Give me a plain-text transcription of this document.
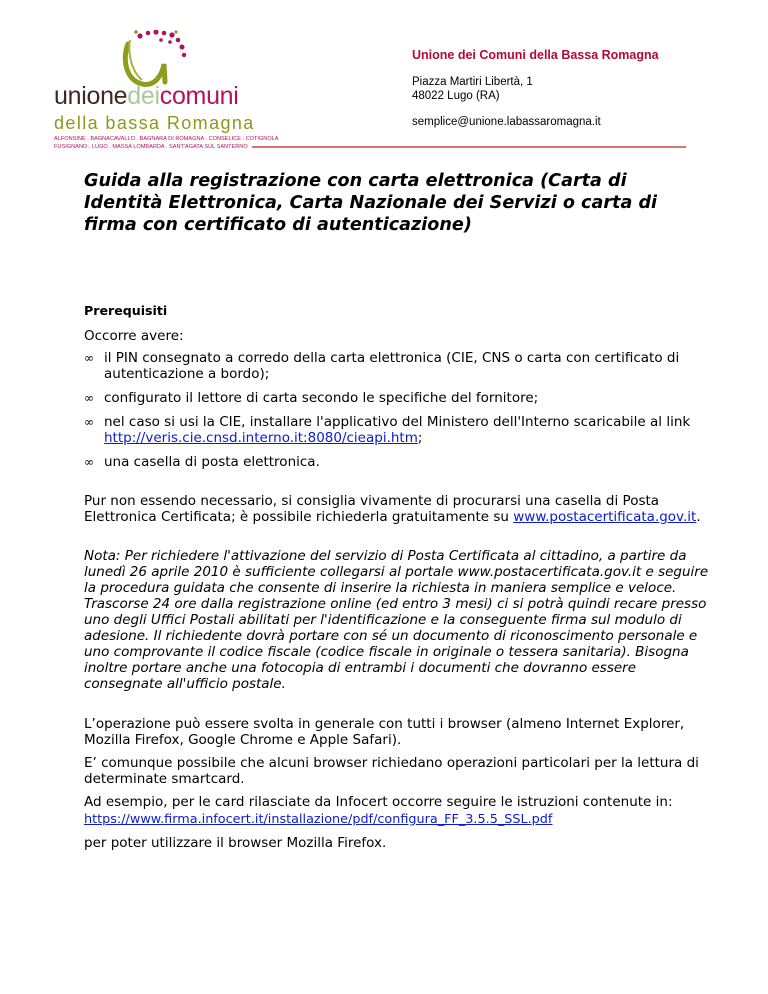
unionedeicomuni
della bassa Romagna
ALFONSINE . BAGNACAVALLO . BAGNARA DI ROMAGNA . CONSELICE . COTIGNOLA
FUSIGNANO . LUGO . MASSA LOMBARDA . SANT'AGATA SUL SANTERNO

Unione dei Comuni della Bassa Romagna

Piazza Martiri Libertà, 1
48022 Lugo (RA)

semplice@unione.labassaromagna.it

Guida alla registrazione con carta elettronica (Carta di Identità Elettronica, Carta Nazionale dei Servizi o carta di firma con certificato di autenticazione)

Prerequisiti

Occorre avere:

∞ il PIN consegnato a corredo della carta elettronica (CIE, CNS o carta con certificato di autenticazione a bordo);
∞ configurato il lettore di carta secondo le specifiche del fornitore;
∞ nel caso si usi la CIE, installare l'applicativo del Ministero dell'Interno scaricabile al link http://veris.cie.cnsd.interno.it:8080/cieapi.htm;
∞ una casella di posta elettronica.

Pur non essendo necessario, si consiglia vivamente di procurarsi una casella di Posta Elettronica Certificata; è possibile richiederla gratuitamente su www.postacertificata.gov.it.

Nota: Per richiedere l'attivazione del servizio di Posta Certificata al cittadino, a partire da lunedì 26 aprile 2010 è sufficiente collegarsi al portale www.postacertificata.gov.it e seguire la procedura guidata che consente di inserire la richiesta in maniera semplice e veloce. Trascorse 24 ore dalla registrazione online (ed entro 3 mesi) ci si potrà quindi recare presso uno degli Uffici Postali abilitati per l'identificazione e la conseguente firma sul modulo di adesione. Il richiedente dovrà portare con sé un documento di riconoscimento personale e uno comprovante il codice fiscale (codice fiscale in originale o tessera sanitaria). Bisogna inoltre portare anche una fotocopia di entrambi i documenti che dovranno essere consegnate all'ufficio postale.

L’operazione può essere svolta in generale con tutti i browser (almeno Internet Explorer, Mozilla Firefox, Google Chrome e Apple Safari).

E’ comunque possibile che alcuni browser richiedano operazioni particolari per la lettura di determinate smartcard.

Ad esempio, per le card rilasciate da Infocert occorre seguire le istruzioni contenute in:

https://www.firma.infocert.it/installazione/pdf/configura_FF_3.5.5_SSL.pdf

per poter utilizzare il browser Mozilla Firefox.
